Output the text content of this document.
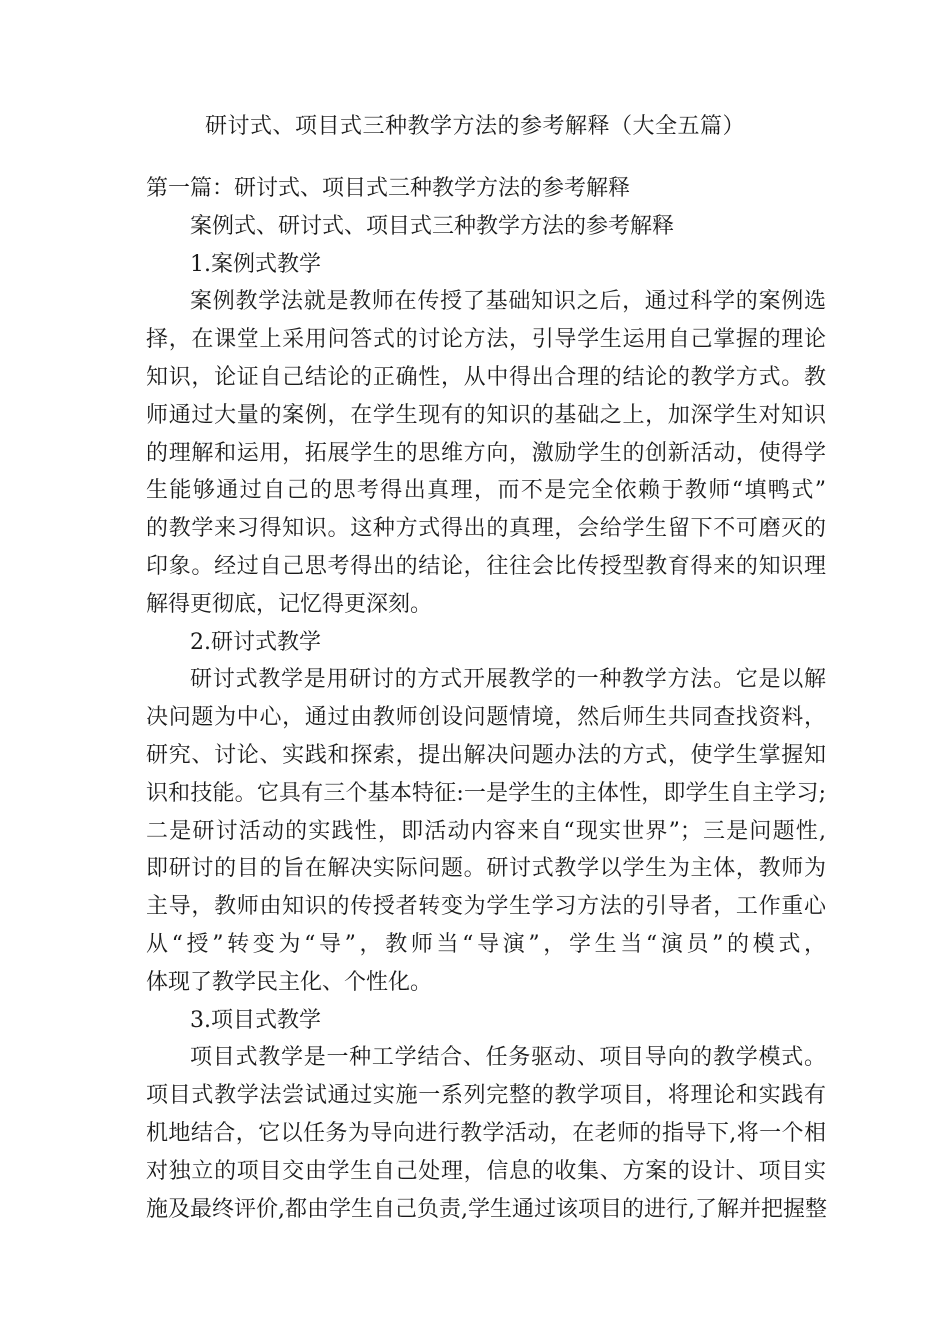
研讨式、项目式三种教学方法的参考解释（大全五篇）

第一篇：研讨式、项目式三种教学方法的参考解释

案例式、研讨式、项目式三种教学方法的参考解释

1.案例式教学

案例教学法就是教师在传授了基础知识之后，通过科学的案例选

择，在课堂上采用问答式的讨论方法，引导学生运用自己掌握的理论

知识，论证自己结论的正确性，从中得出合理的结论的教学方式。教

师通过大量的案例，在学生现有的知识的基础之上，加深学生对知识

的理解和运用，拓展学生的思维方向，激励学生的创新活动，使得学

生能够通过自己的思考得出真理，而不是完全依赖于教师“填鸭式”

的教学来习得知识。这种方式得出的真理，会给学生留下不可磨灭的

印象。经过自己思考得出的结论，往往会比传授型教育得来的知识理

解得更彻底，记忆得更深刻。

2.研讨式教学

研讨式教学是用研讨的方式开展教学的一种教学方法。它是以解

决问题为中心，通过由教师创设问题情境，然后师生共同查找资料，

研究、讨论、实践和探索，提出解决问题办法的方式，使学生掌握知

识和技能。它具有三个基本特征:一是学生的主体性，即学生自主学习;

二是研讨活动的实践性，即活动内容来自“现实世界”；三是问题性,

即研讨的目的旨在解决实际问题。研讨式教学以学生为主体，教师为

主导，教师由知识的传授者转变为学生学习方法的引导者，工作重心

从“授”转变为“导”，教师当“导演”，学生当“演员”的模式，

体现了教学民主化、个性化。

3.项目式教学

项目式教学是一种工学结合、任务驱动、项目导向的教学模式。

项目式教学法尝试通过实施一系列完整的教学项目，将理论和实践有

机地结合，它以任务为导向进行教学活动，在老师的指导下,将一个相

对独立的项目交由学生自己处理，信息的收集、方案的设计、项目实

施及最终评价,都由学生自己负责,学生通过该项目的进行,了解并把握整
